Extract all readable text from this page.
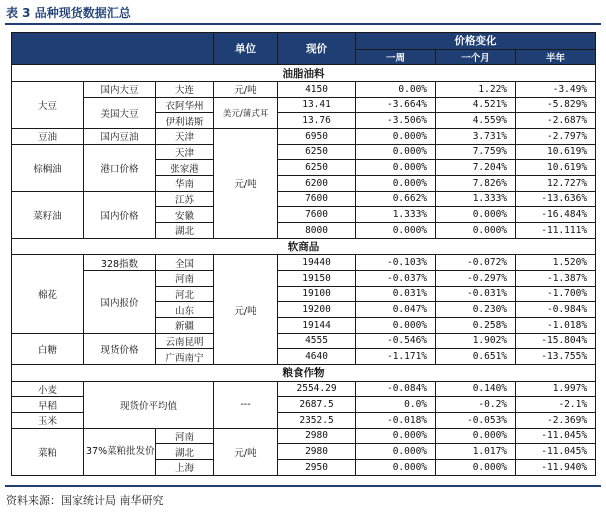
表 3 品种现货数据汇总
			单位	现价	价格变化		
					一周	一个月	半年
油脂油料							
大豆	国内大豆	大连	元/吨	4150	0.00%	1.22%	-3.49%
	美国大豆	衣阿华州	美元/蒲式耳	13.41	-3.664%	4.521%	-5.829%
		伊利诺斯		13.76	-3.506%	4.559%	-2.687%
豆油	国内豆油	天津	元/吨	6950	0.000%	3.731%	-2.797%
棕榈油	港口价格	天津		6250	0.000%	7.759%	10.619%
		张家港		6250	0.000%	7.204%	10.619%
		华南		6200	0.000%	7.826%	12.727%
菜籽油	国内价格	江苏		7600	0.662%	1.333%	-13.636%
		安徽		7600	1.333%	0.000%	-16.484%
		湖北		8000	0.000%	0.000%	-11.111%
软商品							
棉花	328指数	全国	元/吨	19440	-0.103%	-0.072%	1.520%
	国内报价	河南		19150	-0.037%	-0.297%	-1.387%
		河北		19100	0.031%	-0.031%	-1.700%
		山东		19200	0.047%	0.230%	-0.984%
		新疆		19144	0.000%	0.258%	-1.018%
白糖	现货价格	云南昆明		4555	-0.546%	1.902%	-15.804%
		广西南宁		4640	-1.171%	0.651%	-13.755%
粮食作物							
小麦	现货价平均值		---	2554.29	-0.084%	0.140%	1.997%
早稻				2687.5	0.0%	-0.2%	-2.1%
玉米				2352.5	-0.018%	-0.053%	-2.369%
菜粕	37%菜粕批发价	河南	元/吨	2980	0.000%	0.000%	-11.045%
		湖北		2980	0.000%	1.017%	-11.045%
		上海		2950	0.000%	0.000%	-11.940%
资料来源：国家统计局 南华研究
